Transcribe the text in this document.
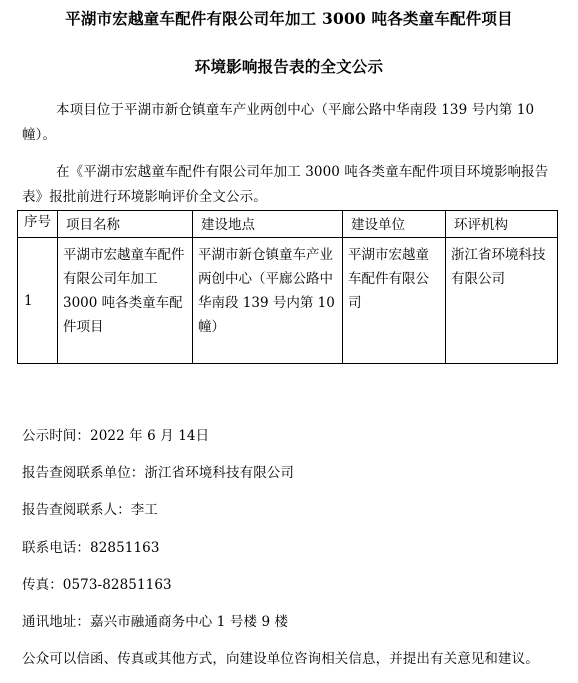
平湖市宏越童车配件有限公司年加工 3000 吨各类童车配件项目
环境影响报告表的全文公示
本项目位于平湖市新仓镇童车产业两创中心（平廊公路中华南段 139 号内第 10 幢）。
在《平湖市宏越童车配件有限公司年加工 3000 吨各类童车配件项目环境影响报告表》报批前进行环境影响评价全文公示。
序号	项目名称	建设地点	建设单位	环评机构
1	平湖市宏越童车配件有限公司年加工 3000 吨各类童车配件项目	平湖市新仓镇童车产业两创中心（平廊公路中华南段 139 号内第 10 幢）	平湖市宏越童车配件有限公司	浙江省环境科技有限公司
公示时间：2022 年 6 月 14日
报告查阅联系单位：浙江省环境科技有限公司
报告查阅联系人：李工
联系电话：82851163
传真：0573-82851163
通讯地址：嘉兴市融通商务中心 1 号楼 9 楼
公众可以信函、传真或其他方式，向建设单位咨询相关信息，并提出有关意见和建议。
